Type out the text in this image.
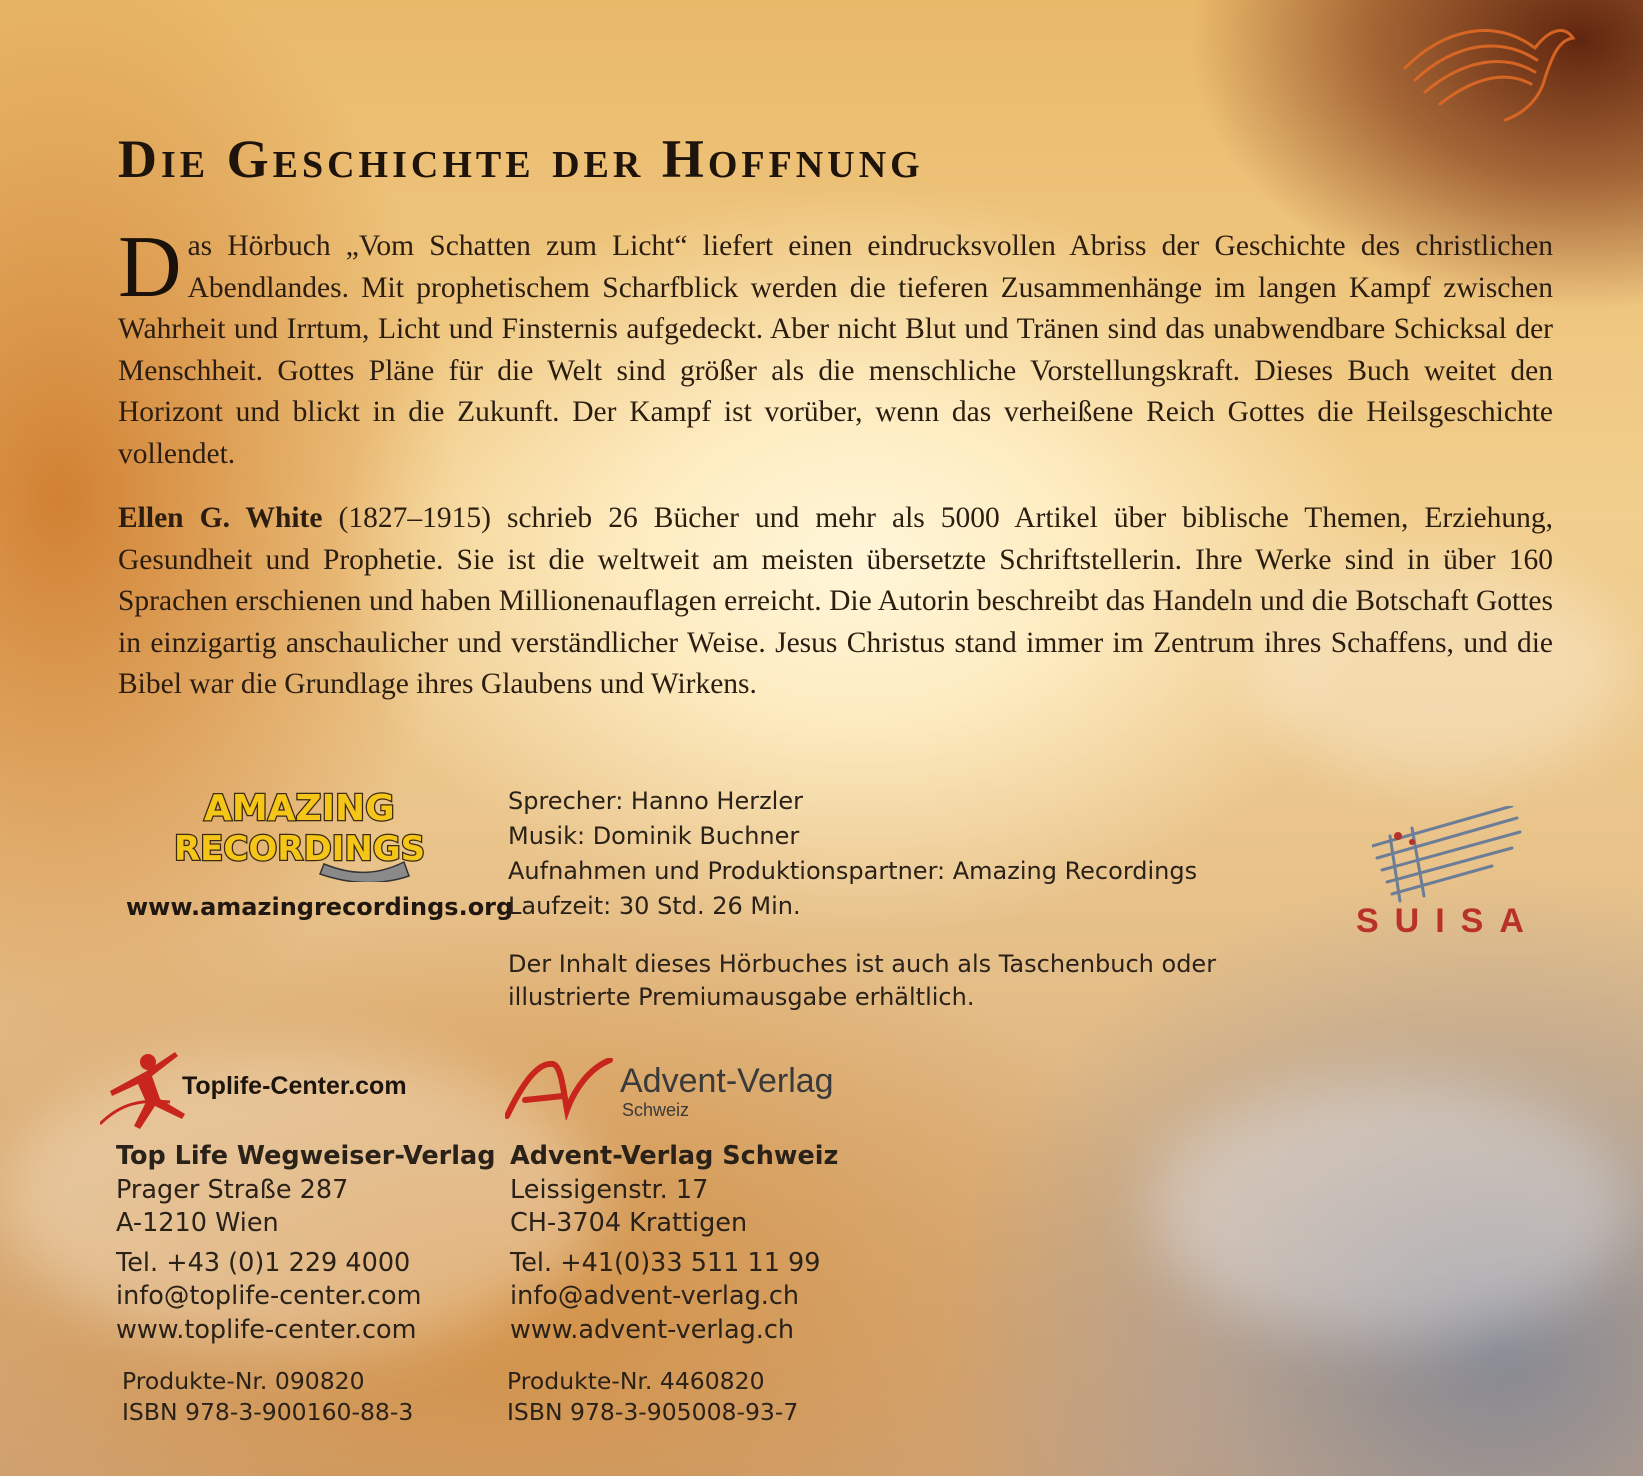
Die Geschichte der Hoffnung

Das Hörbuch „Vom Schatten zum Licht“ liefert einen eindrucksvollen Abriss der Geschichte des christlichen Abendlandes. Mit prophetischem Scharfblick werden die tieferen Zusammenhänge im langen Kampf zwischen Wahrheit und Irrtum, Licht und Finsternis aufgedeckt. Aber nicht Blut und Tränen sind das unabwendbare Schicksal der Menschheit. Gottes Pläne für die Welt sind größer als die menschliche Vorstellungskraft. Dieses Buch weitet den Horizont und blickt in die Zukunft. Der Kampf ist vorüber, wenn das verheißene Reich Gottes die Heilsgeschichte vollendet.

Ellen G. White (1827–1915) schrieb 26 Bücher und mehr als 5000 Artikel über biblische Themen, Erziehung, Gesundheit und Prophetie. Sie ist die weltweit am meisten übersetzte Schriftstellerin. Ihre Werke sind in über 160 Sprachen erschienen und haben Millionenauflagen erreicht. Die Autorin beschreibt das Handeln und die Botschaft Gottes in einzigartig anschaulicher und verständlicher Weise. Jesus Christus stand immer im Zentrum ihres Schaffens, und die Bibel war die Grundlage ihres Glaubens und Wirkens.

AMAZING
RECORDINGS
www.amazingrecordings.org
Sprecher: Hanno Herzler
Musik: Dominik Buchner
Aufnahmen und Produktionspartner: Amazing Recordings
Laufzeit: 30 Std. 26 Min.
Der Inhalt dieses Hörbuches ist auch als Taschenbuch oder illustrierte Premiumausgabe erhältlich.
SUISA
Toplife-Center.com	Advent-Verlag
Schweiz
Top Life Wegweiser-Verlag
Prager Straße 287
A-1210 Wien
Tel. +43 (0)1 229 4000
info@toplife-center.com
www.toplife-center.com
Advent-Verlag Schweiz
Leissigenstr. 17
CH-3704 Krattigen
Tel. +41(0)33 511 11 99
info@advent-verlag.ch
www.advent-verlag.ch
Produkte-Nr. 090820
ISBN 978-3-900160-88-3
Produkte-Nr. 4460820
ISBN 978-3-905008-93-7
